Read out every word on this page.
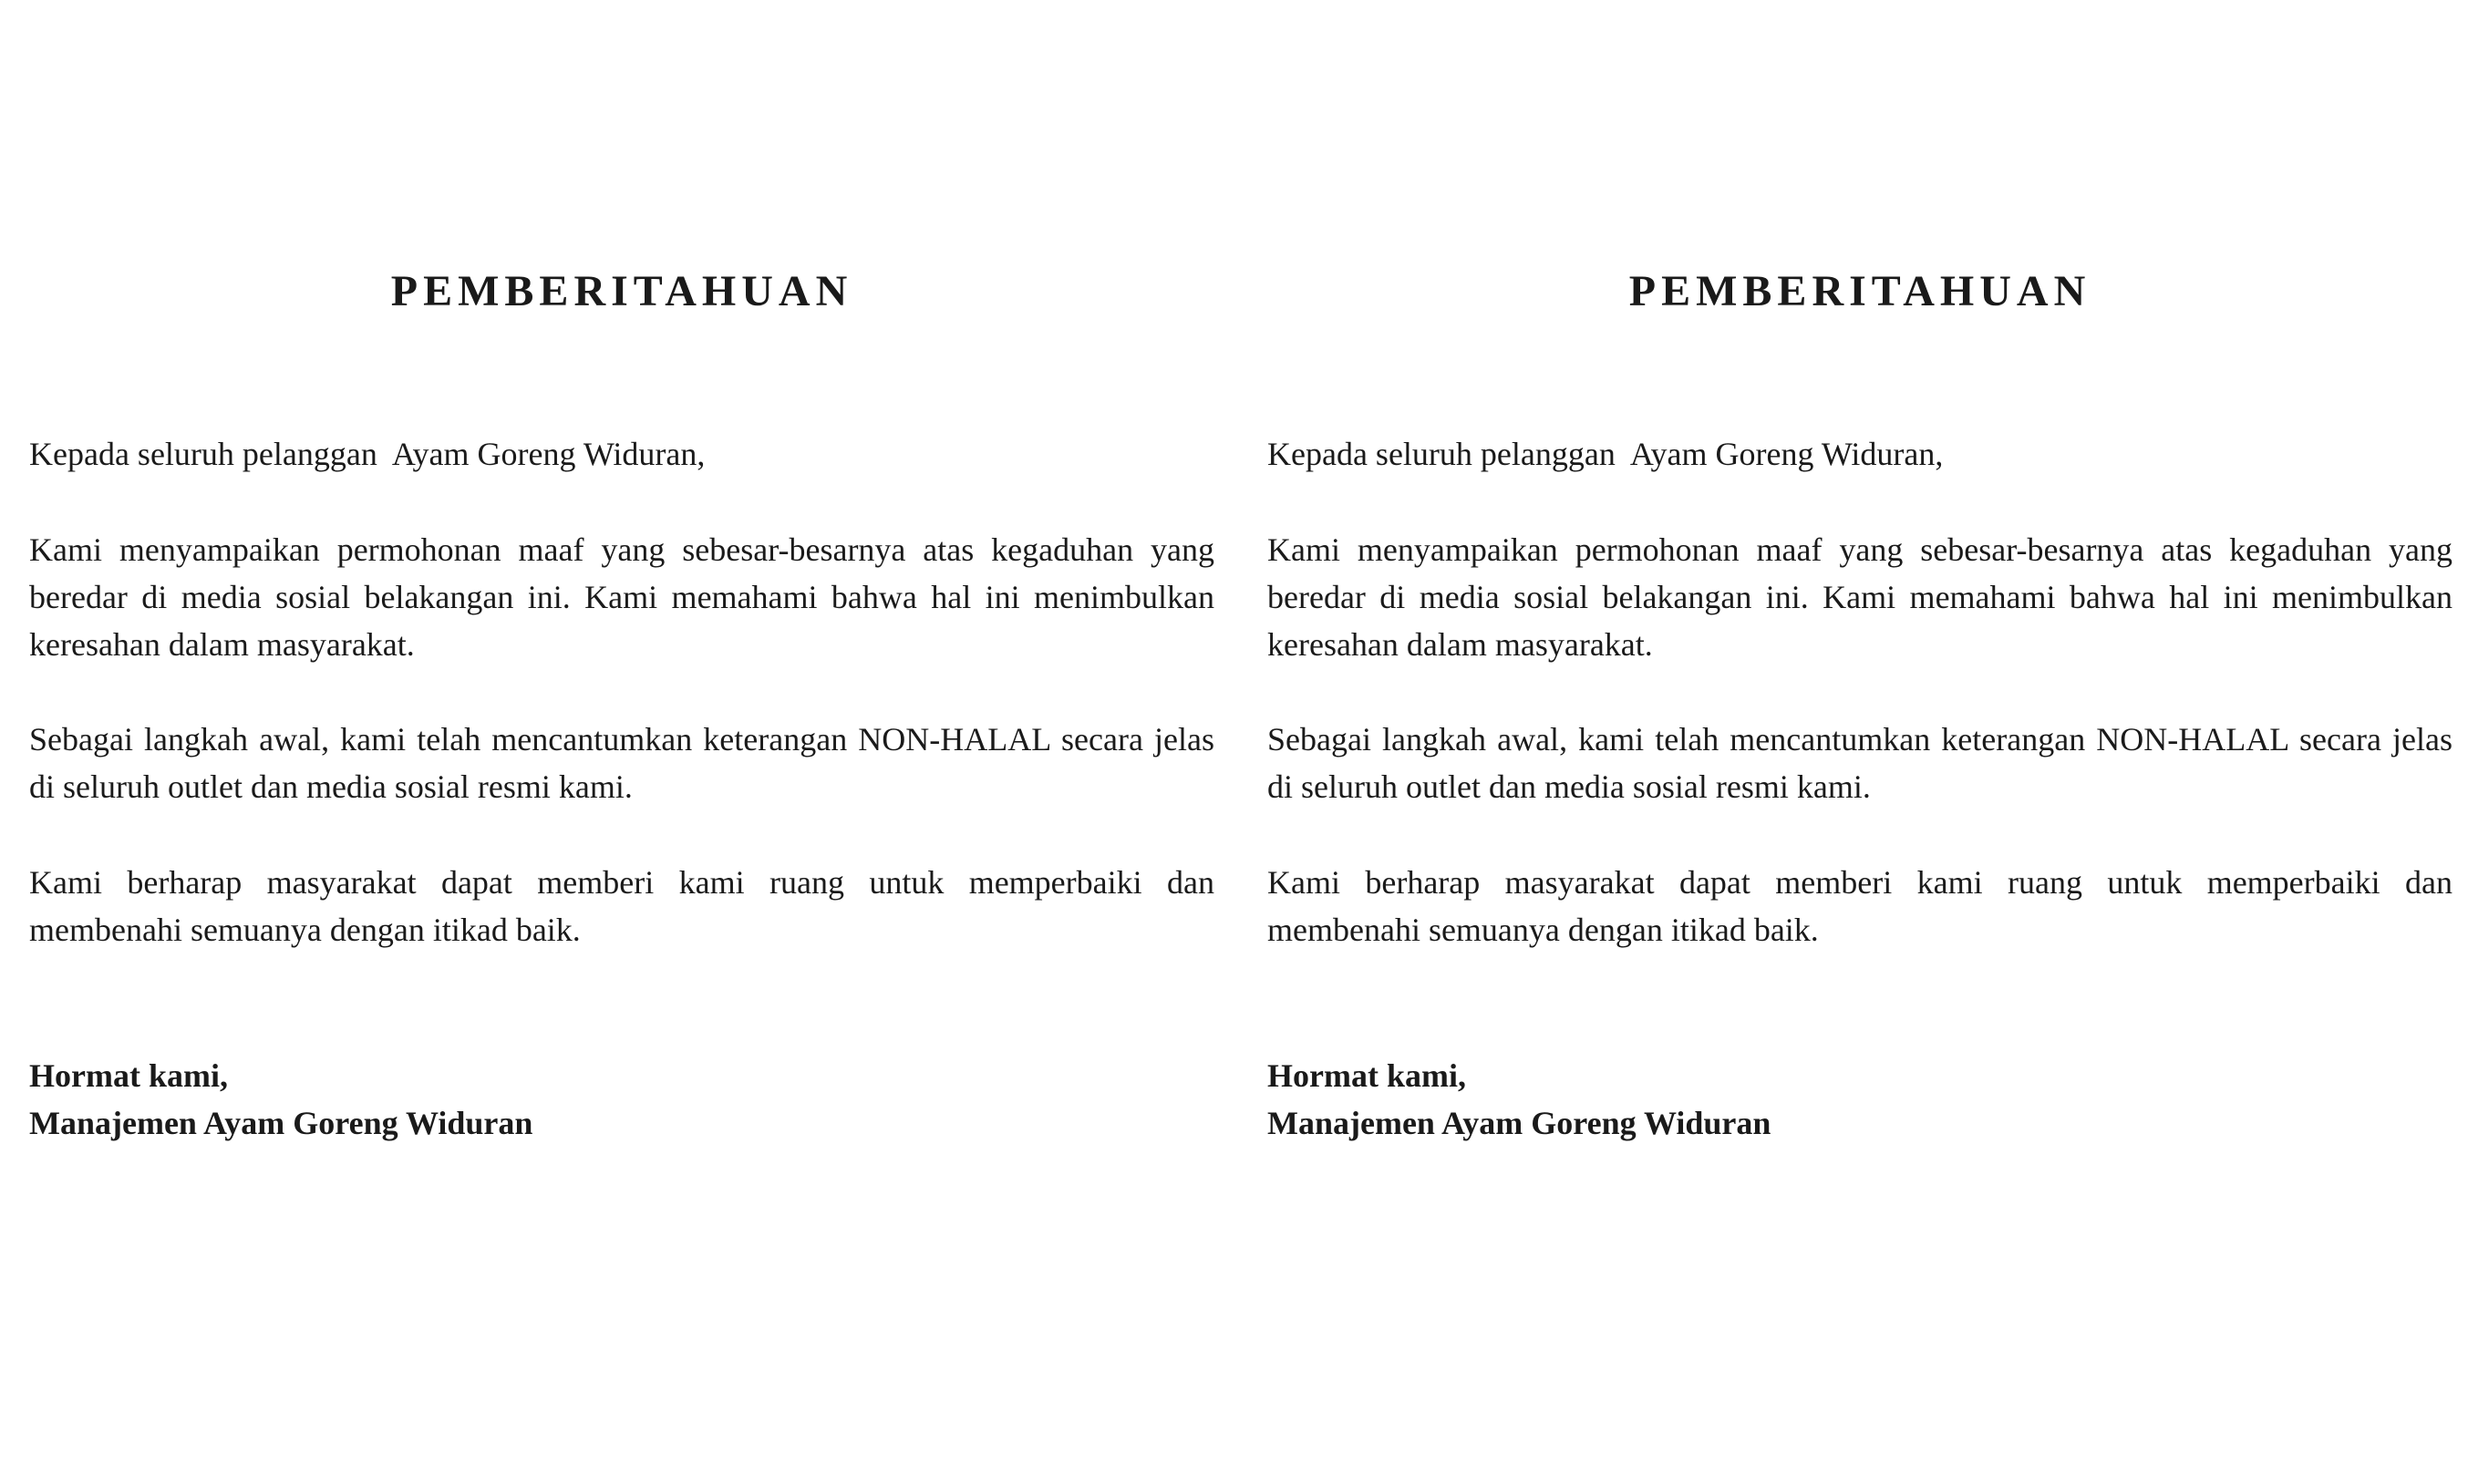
PEMBERITAHUAN

Kepada seluruh pelanggan  Ayam Goreng Widuran,

Kami menyampaikan permohonan maaf yang sebesar-besarnya atas kegaduhan yang beredar di media sosial belakangan ini. Kami memahami bahwa hal ini menimbulkan keresahan dalam masyarakat.

Sebagai langkah awal, kami telah mencantumkan keterangan NON-HALAL secara jelas di seluruh outlet dan media sosial resmi kami.

Kami berharap masyarakat dapat memberi kami ruang untuk memperbaiki dan membenahi semuanya dengan itikad baik.

Hormat kami,
Manajemen Ayam Goreng Widuran

PEMBERITAHUAN

Kepada seluruh pelanggan  Ayam Goreng Widuran,

Kami menyampaikan permohonan maaf yang sebesar-besarnya atas kegaduhan yang beredar di media sosial belakangan ini. Kami memahami bahwa hal ini menimbulkan keresahan dalam masyarakat.

Sebagai langkah awal, kami telah mencantumkan keterangan NON-HALAL secara jelas di seluruh outlet dan media sosial resmi kami.

Kami berharap masyarakat dapat memberi kami ruang untuk memperbaiki dan membenahi semuanya dengan itikad baik.

Hormat kami,
Manajemen Ayam Goreng Widuran
